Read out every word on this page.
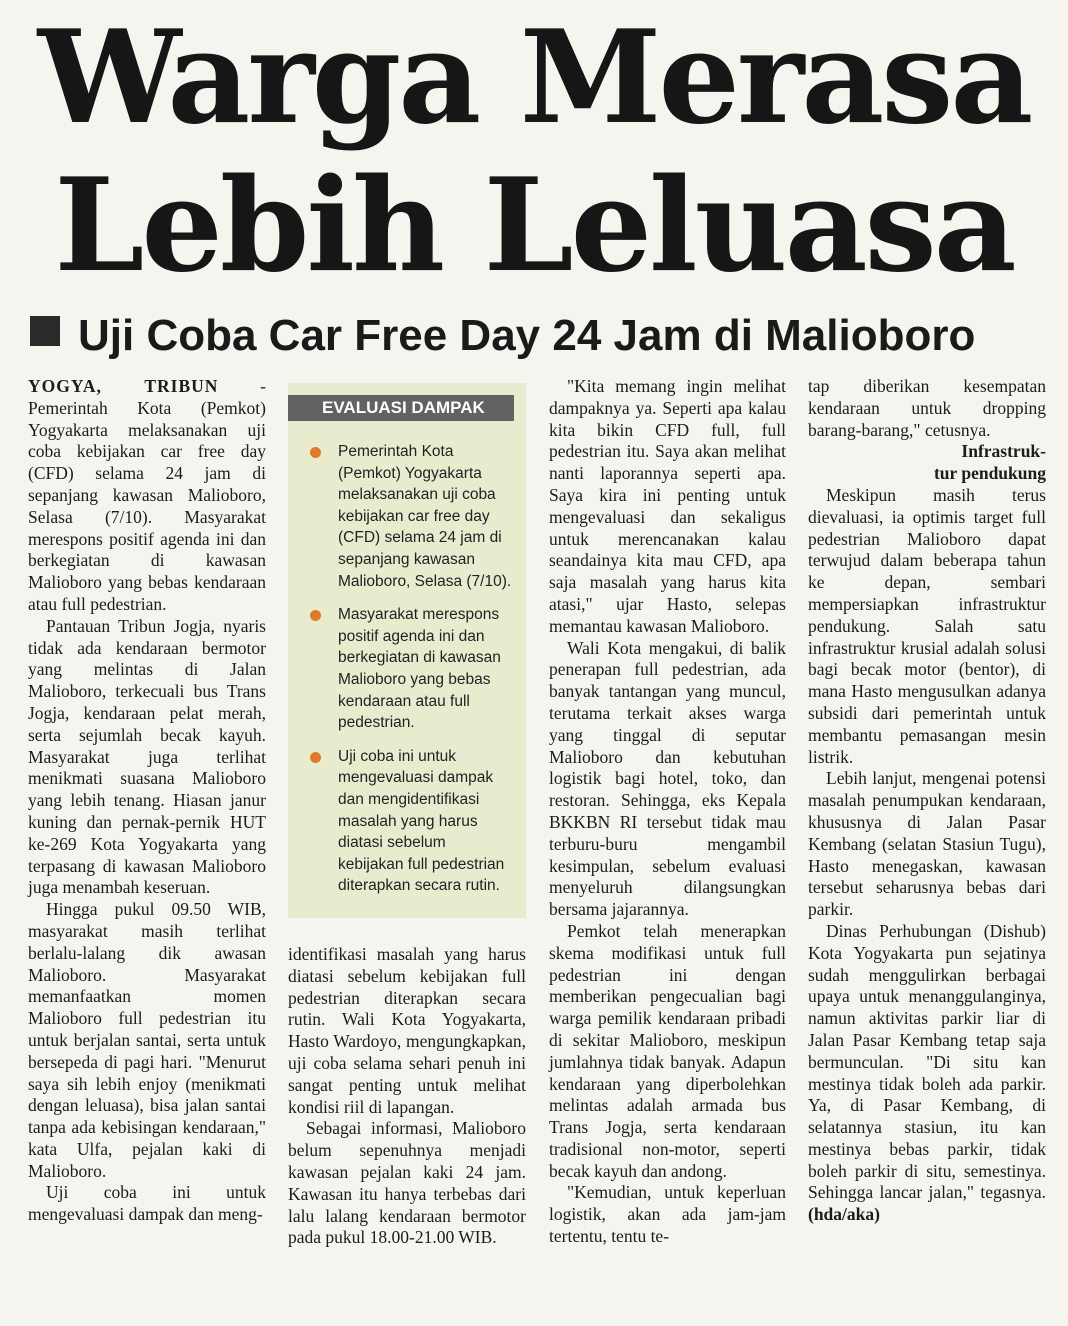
Warga Merasa
Lebih Leluasa
Uji Coba Car Free Day 24 Jam di Malioboro

YOGYA, TRIBUN - Pemerintah Kota (Pemkot) Yogyakarta melaksanakan uji coba kebijakan car free day (CFD) selama 24 jam di sepanjang kawasan Malioboro, Selasa (7/10). Masyarakat merespons positif agenda ini dan berkegiatan di kawasan Malioboro yang bebas kendaraan atau full pedestrian.

Pantauan Tribun Jogja, nyaris tidak ada kendaraan bermotor yang melintas di Jalan Malioboro, terkecuali bus Trans Jogja, kendaraan pelat merah, serta sejumlah becak kayuh. Masyarakat juga terlihat menikmati suasana Malioboro yang lebih tenang. Hiasan janur kuning dan pernak-pernik HUT ke-269 Kota Yogyakarta yang terpasang di kawasan Malioboro juga menambah keseruan.

Hingga pukul 09.50 WIB, masyarakat masih terlihat berlalu-lalang dik awasan Malioboro. Masyarakat memanfaatkan momen Malioboro full pedestrian itu untuk berjalan santai, serta untuk bersepeda di pagi hari. "Menurut saya sih lebih enjoy (menikmati dengan leluasa), bisa jalan santai tanpa ada kebisingan kendaraan," kata Ulfa, pejalan kaki di Malioboro.

Uji coba ini untuk mengevaluasi dampak dan meng-

EVALUASI DAMPAK
Pemerintah Kota (Pemkot) Yogyakarta melaksanakan uji coba kebijakan car free day (CFD) selama 24 jam di sepanjang kawasan Malioboro, Selasa (7/10).
Masyarakat merespons positif agenda ini dan berkegiatan di kawasan Malioboro yang bebas kendaraan atau full pedestrian.
Uji coba ini untuk mengevaluasi dampak dan mengidentifikasi masalah yang harus diatasi sebelum kebijakan full pedestrian diterapkan secara rutin.

identifikasi masalah yang harus diatasi sebelum kebijakan full pedestrian diterapkan secara rutin. Wali Kota Yogyakarta, Hasto Wardoyo, mengungkapkan, uji coba selama sehari penuh ini sangat penting untuk melihat kondisi riil di lapangan.

Sebagai informasi, Malioboro belum sepenuhnya menjadi kawasan pejalan kaki 24 jam. Kawasan itu hanya terbebas dari lalu lalang kendaraan bermotor pada pukul 18.00-21.00 WIB.

"Kita memang ingin melihat dampaknya ya. Seperti apa kalau kita bikin CFD full, full pedestrian itu. Saya akan melihat nanti laporannya seperti apa. Saya kira ini penting untuk mengevaluasi dan sekaligus untuk merencanakan kalau seandainya kita mau CFD, apa saja masalah yang harus kita atasi," ujar Hasto, selepas memantau kawasan Malioboro.

Wali Kota mengakui, di balik penerapan full pedestrian, ada banyak tantangan yang muncul, terutama terkait akses warga yang tinggal di seputar Malioboro dan kebutuhan logistik bagi hotel, toko, dan restoran. Sehingga, eks Kepala BKKBN RI tersebut tidak mau terburu-buru mengambil kesimpulan, sebelum evaluasi menyeluruh dilangsungkan bersama jajarannya.

Pemkot telah menerapkan skema modifikasi untuk full pedestrian ini dengan memberikan pengecualian bagi warga pemilik kendaraan pribadi di sekitar Malioboro, meskipun jumlahnya tidak banyak. Adapun kendaraan yang diperbolehkan melintas adalah armada bus Trans Jogja, serta kendaraan tradisional non-motor, seperti becak kayuh dan andong.

"Kemudian, untuk keperluan logistik, akan ada jam-jam tertentu, tentu te-

tap diberikan kesempatan kendaraan untuk dropping barang-barang," cetusnya.

Infrastruk-

tur pendukung

Meskipun masih terus dievaluasi, ia optimis target full pedestrian Malioboro dapat terwujud dalam beberapa tahun ke depan, sembari mempersiapkan infrastruktur pendukung. Salah satu infrastruktur krusial adalah solusi bagi becak motor (bentor), di mana Hasto mengusulkan adanya subsidi dari pemerintah untuk membantu pemasangan mesin listrik.

Lebih lanjut, mengenai potensi masalah penumpukan kendaraan, khususnya di Jalan Pasar Kembang (selatan Stasiun Tugu), Hasto menegaskan, kawasan tersebut seharusnya bebas dari parkir.

Dinas Perhubungan (Dishub) Kota Yogyakarta pun sejatinya sudah menggulirkan berbagai upaya untuk menanggulanginya, namun aktivitas parkir liar di Jalan Pasar Kembang tetap saja bermunculan. "Di situ kan mestinya tidak boleh ada parkir. Ya, di Pasar Kembang, di selatannya stasiun, itu kan mestinya bebas parkir, tidak boleh parkir di situ, semestinya. Sehingga lancar jalan," tegasnya. (hda/aka)
